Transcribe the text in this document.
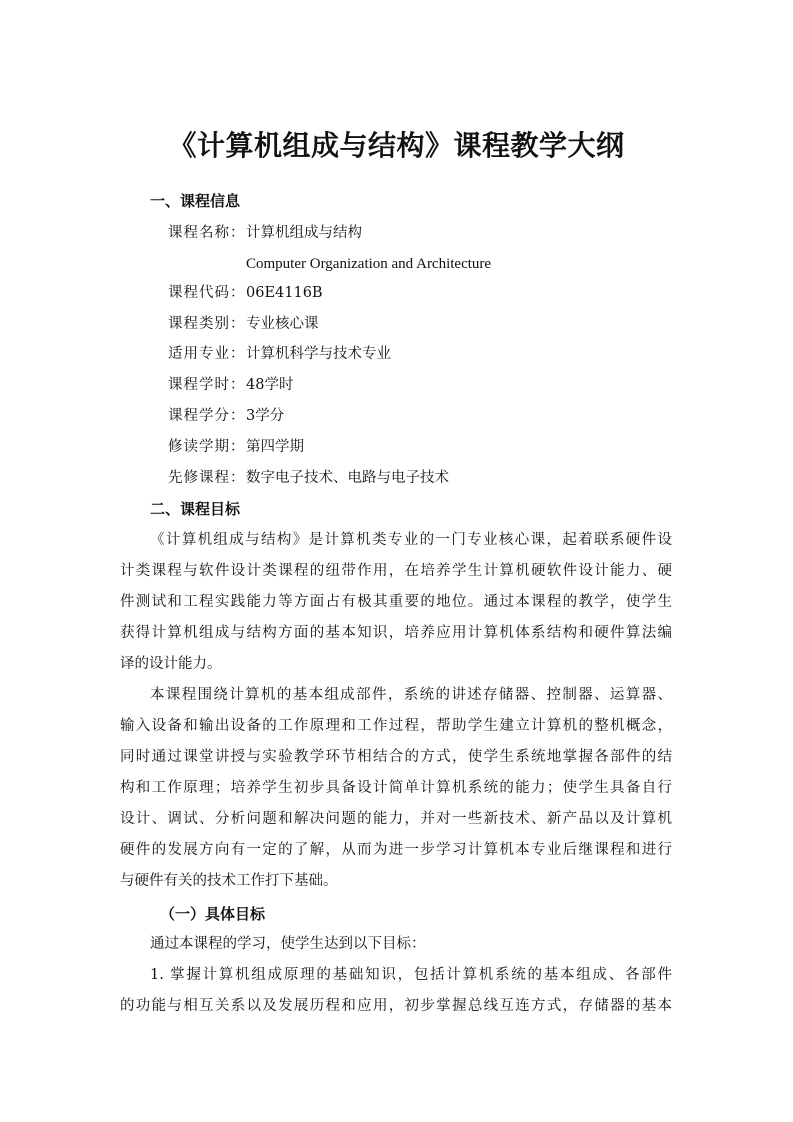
《计算机组成与结构》课程教学大纲
一、课程信息
课程名称：计算机组成与结构
Computer Organization and Architecture
课程代码：06E4116B
课程类别：专业核心课
适用专业：计算机科学与技术专业
课程学时：48学时
课程学分：3学分
修读学期：第四学期
先修课程：数字电子技术、电路与电子技术
二、课程目标
《计算机组成与结构》是计算机类专业的一门专业核心课，起着联系硬件设
计类课程与软件设计类课程的纽带作用，在培养学生计算机硬软件设计能力、硬
件测试和工程实践能力等方面占有极其重要的地位。通过本课程的教学，使学生
获得计算机组成与结构方面的基本知识，培养应用计算机体系结构和硬件算法编
译的设计能力。
本课程围绕计算机的基本组成部件，系统的讲述存储器、控制器、运算器、
输入设备和输出设备的工作原理和工作过程，帮助学生建立计算机的整机概念，
同时通过课堂讲授与实验教学环节相结合的方式，使学生系统地掌握各部件的结
构和工作原理；培养学生初步具备设计简单计算机系统的能力；使学生具备自行
设计、调试、分析问题和解决问题的能力，并对一些新技术、新产品以及计算机
硬件的发展方向有一定的了解，从而为进一步学习计算机本专业后继课程和进行
与硬件有关的技术工作打下基础。
（一）具体目标
通过本课程的学习，使学生达到以下目标：
1. 掌握计算机组成原理的基础知识，包括计算机系统的基本组成、各部件
的功能与相互关系以及发展历程和应用，初步掌握总线互连方式，存储器的基本
